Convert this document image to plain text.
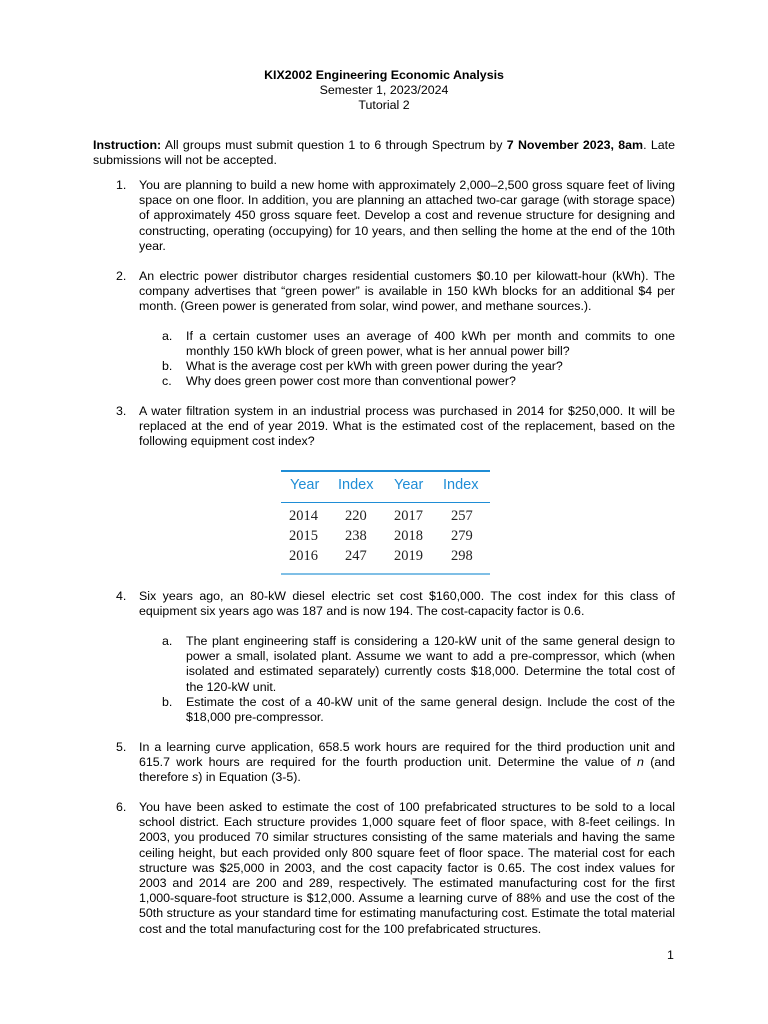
KIX2002 Engineering Economic Analysis
Semester 1, 2023/2024
Tutorial 2
Instruction: All groups must submit question 1 to 6 through Spectrum by 7 November 2023, 8am. Late submissions will not be accepted.
1.	You are planning to build a new home with approximately 2,000–2,500 gross square feet of living space on one floor. In addition, you are planning an attached two-car garage (with storage space) of approximately 450 gross square feet. Develop a cost and revenue structure for designing and constructing, operating (occupying) for 10 years, and then selling the home at the end of the 10th year.
2.	An electric power distributor charges residential customers $0.10 per kilowatt-hour (kWh). The company advertises that “green power” is available in 150 kWh blocks for an additional $4 per month. (Green power is generated from solar, wind power, and methane sources.).
a.	If a certain customer uses an average of 400 kWh per month and commits to one monthly 150 kWh block of green power, what is her annual power bill?
b.	What is the average cost per kWh with green power during the year?
c.	Why does green power cost more than conventional power?
3.	A water filtration system in an industrial process was purchased in 2014 for $250,000. It will be replaced at the end of year 2019. What is the estimated cost of the replacement, based on the following equipment cost index?
Year Index Year Index
2014 220 2017 257
2015 238 2018 279
2016 247 2019 298
4.	Six years ago, an 80-kW diesel electric set cost $160,000. The cost index for this class of equipment six years ago was 187 and is now 194. The cost-capacity factor is 0.6.
a.	The plant engineering staff is considering a 120-kW unit of the same general design to power a small, isolated plant. Assume we want to add a pre-compressor, which (when isolated and estimated separately) currently costs $18,000. Determine the total cost of the 120-kW unit.
b.	Estimate the cost of a 40-kW unit of the same general design. Include the cost of the $18,000 pre-compressor.
5.	In a learning curve application, 658.5 work hours are required for the third production unit and 615.7 work hours are required for the fourth production unit. Determine the value of n (and therefore s) in Equation (3-5).
6.	You have been asked to estimate the cost of 100 prefabricated structures to be sold to a local school district. Each structure provides 1,000 square feet of floor space, with 8-feet ceilings. In 2003, you produced 70 similar structures consisting of the same materials and having the same ceiling height, but each provided only 800 square feet of floor space. The material cost for each structure was $25,000 in 2003, and the cost capacity factor is 0.65. The cost index values for 2003 and 2014 are 200 and 289, respectively. The estimated manufacturing cost for the first 1,000-square-foot structure is $12,000. Assume a learning curve of 88% and use the cost of the 50th structure as your standard time for estimating manufacturing cost. Estimate the total material cost and the total manufacturing cost for the 100 prefabricated structures.
1
